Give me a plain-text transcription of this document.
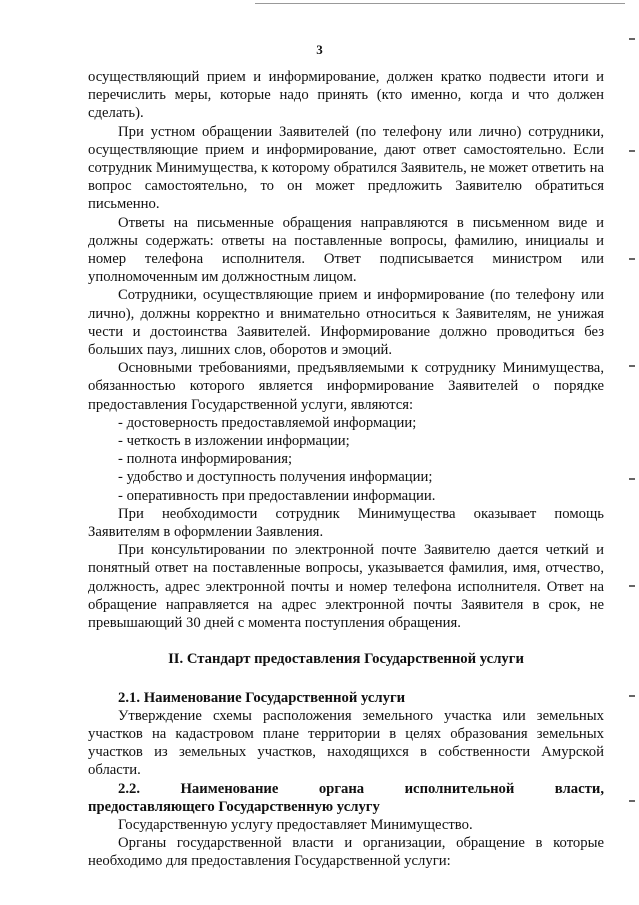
3

осуществляющий прием и информирование, должен кратко подвести итоги и перечислить меры, которые надо принять (кто именно, когда и что должен сделать).

При устном обращении Заявителей (по телефону или лично) сотрудники, осуществляющие прием и информирование, дают ответ самостоятельно. Если сотрудник Минимущества, к которому обратился Заявитель, не может ответить на вопрос самостоятельно, то он может предложить Заявителю обратиться письменно.

Ответы на письменные обращения направляются в письменном виде и должны содержать: ответы на поставленные вопросы, фамилию, инициалы и номер телефона исполнителя. Ответ подписывается министром или уполномоченным им должностным лицом.

Сотрудники, осуществляющие прием и информирование (по телефону или лично), должны корректно и внимательно относиться к Заявителям, не унижая чести и достоинства Заявителей. Информирование должно проводиться без больших пауз, лишних слов, оборотов и эмоций.

Основными требованиями, предъявляемыми к сотруднику Минимущества, обязанностью которого является информирование Заявителей о порядке предоставления Государственной услуги, являются:

- достоверность предоставляемой информации;

- четкость в изложении информации;

- полнота информирования;

- удобство и доступность получения информации;

- оперативность при предоставлении информации.

При необходимости сотрудник Минимущества оказывает помощь Заявителям в оформлении Заявления.

При консультировании по электронной почте Заявителю дается четкий и понятный ответ на поставленные вопросы, указывается фамилия, имя, отчество, должность, адрес электронной почты и номер телефона исполнителя. Ответ на обращение направляется на адрес электронной почты Заявителя в срок, не превышающий 30 дней с момента поступления обращения.

II. Стандарт предоставления Государственной услуги

2.1. Наименование Государственной услуги

Утверждение схемы расположения земельного участка или земельных участков на кадастровом плане территории в целях образования земельных участков из земельных участков, находящихся в собственности Амурской области.

2.2. Наименование органа исполнительной власти,

предоставляющего Государственную услугу

Государственную услугу предоставляет Минимущество.

Органы государственной власти и организации, обращение в которые необходимо для предоставления Государственной услуги:
